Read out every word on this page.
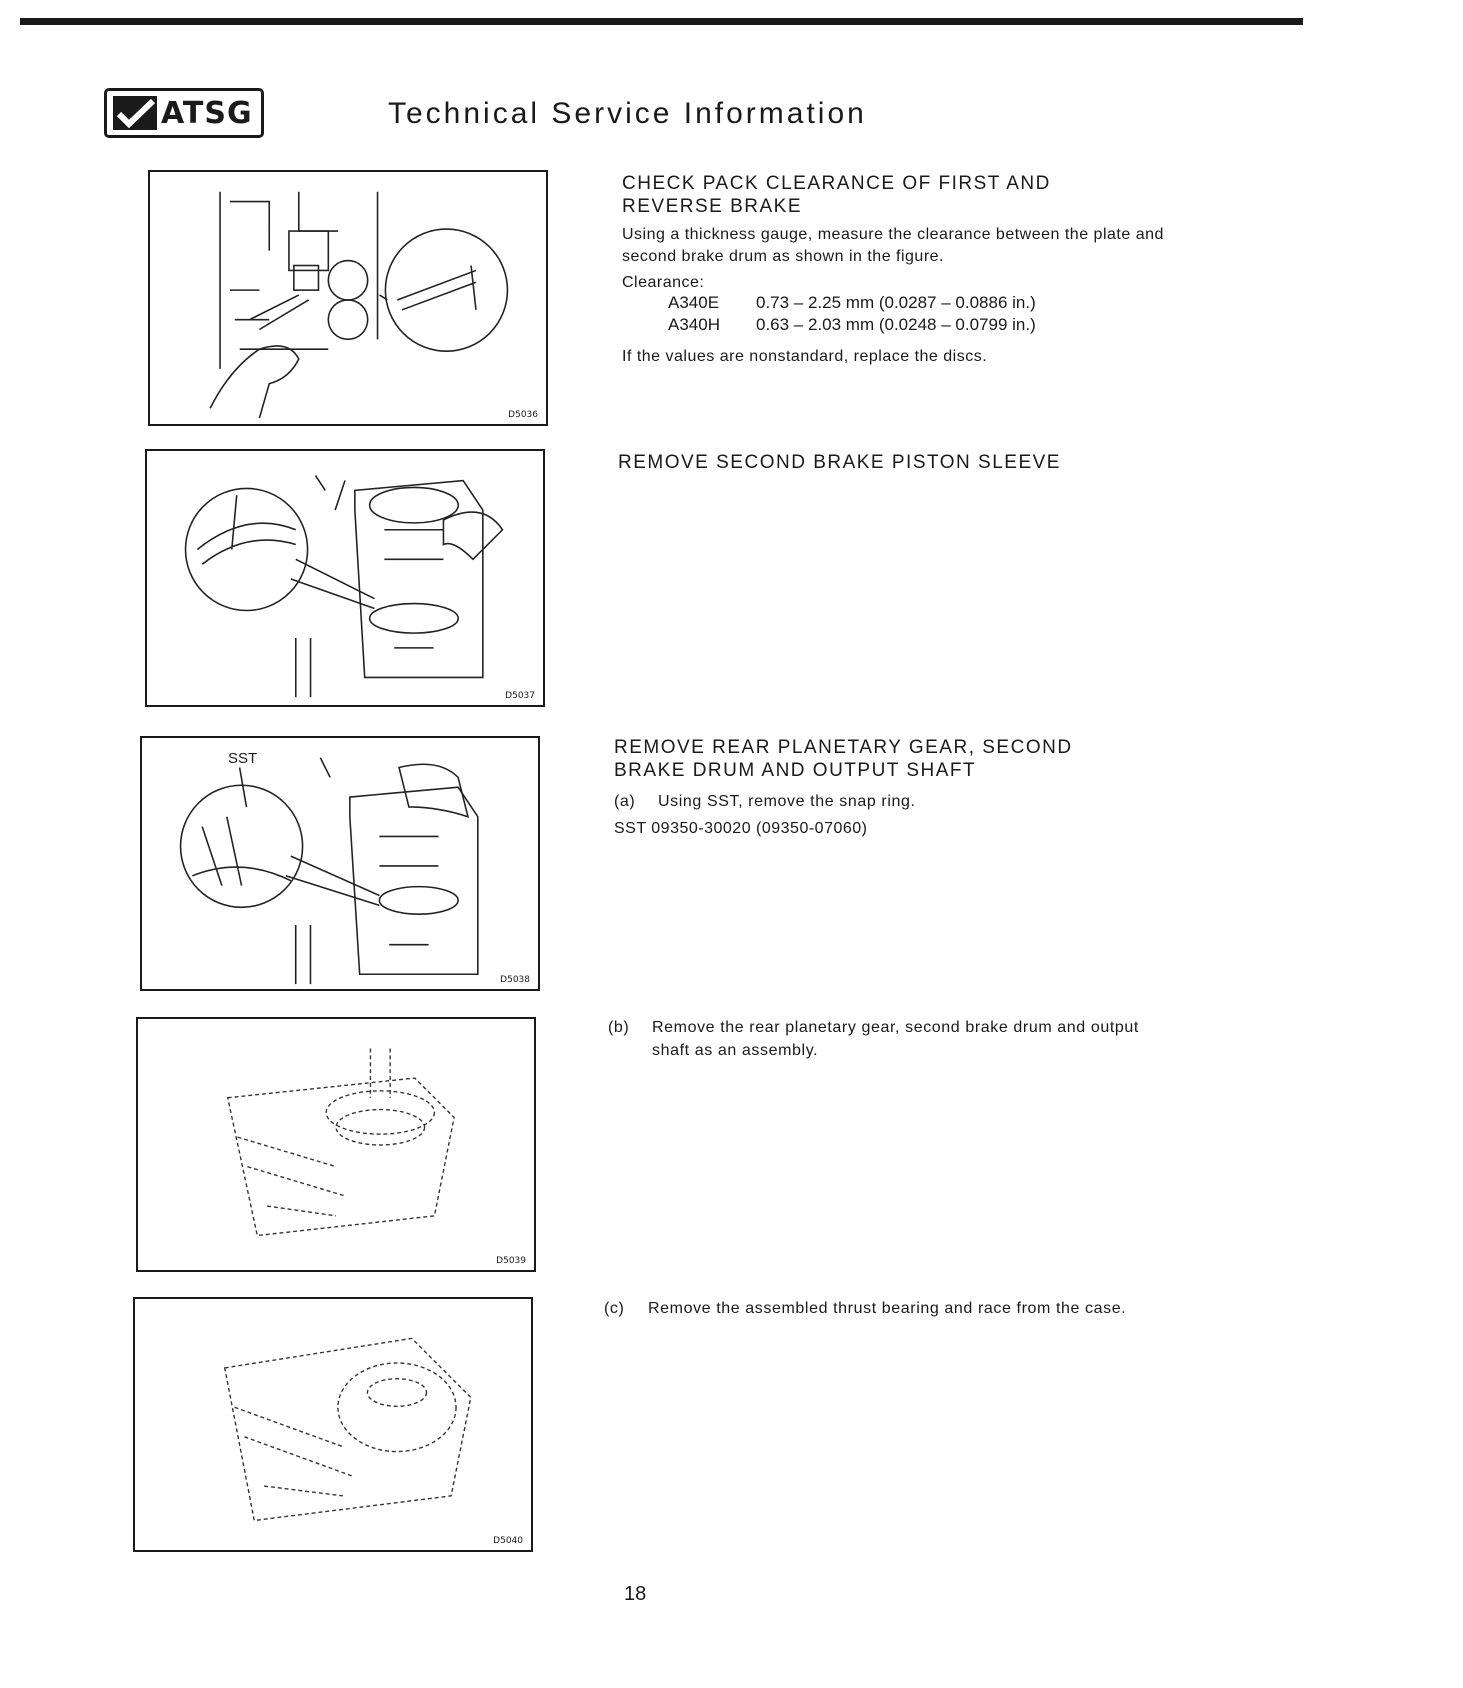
ATSG	Technical Service Information
D5036

CHECK PACK CLEARANCE OF FIRST AND REVERSE BRAKE

Using a thickness gauge, measure the clearance between the plate and second brake drum as shown in the figure.

Clearance:

A340E 0.73 – 2.25 mm (0.0287 – 0.0886 in.)
A340H 0.63 – 2.03 mm (0.0248 – 0.0799 in.)

If the values are nonstandard, replace the discs.

D5037

REMOVE SECOND BRAKE PISTON SLEEVE

SST
D5038

REMOVE REAR PLANETARY GEAR, SECOND BRAKE DRUM AND OUTPUT SHAFT

(a)	Using SST, remove the snap ring.

SST 09350-30020 (09350-07060)

D5039
(b)	Remove the rear planetary gear, second brake drum and output shaft as an assembly.
D5040
(c)	Remove the assembled thrust bearing and race from the case.
18
